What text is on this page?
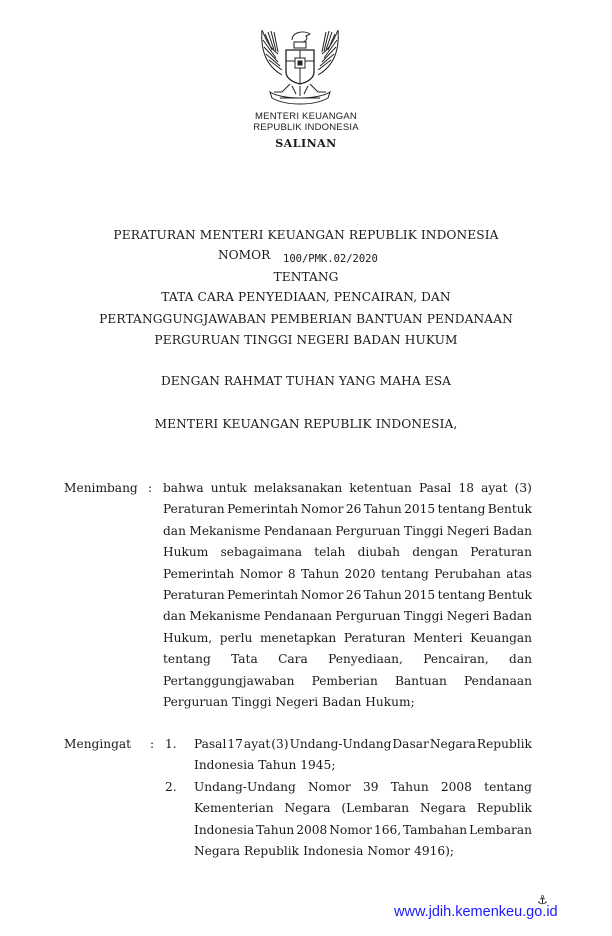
MENTERI KEUANGAN
REPUBLIK INDONESIA
SALINAN
PERATURAN MENTERI KEUANGAN REPUBLIK INDONESIA
NOMOR 100/PMK.02/2020
TENTANG
TATA CARA PENYEDIAAN, PENCAIRAN, DAN
PERTANGGUNGJAWABAN PEMBERIAN BANTUAN PENDANAAN
PERGURUAN TINGGI NEGERI BADAN HUKUM
DENGAN RAHMAT TUHAN YANG MAHA ESA
MENTERI KEUANGAN REPUBLIK INDONESIA,
Menimbang : bahwa untuk melaksanakan ketentuan Pasal 18 ayat (3)
Peraturan Pemerintah Nomor 26 Tahun 2015 tentang Bentuk
dan Mekanisme Pendanaan Perguruan Tinggi Negeri Badan
Hukum sebagaimana telah diubah dengan Peraturan
Pemerintah Nomor 8 Tahun 2020 tentang Perubahan atas
Peraturan Pemerintah Nomor 26 Tahun 2015 tentang Bentuk
dan Mekanisme Pendanaan Perguruan Tinggi Negeri Badan
Hukum, perlu menetapkan Peraturan Menteri Keuangan
tentang Tata Cara Penyediaan, Pencairan, dan
Pertanggungjawaban Pemberian Bantuan Pendanaan
Perguruan Tinggi Negeri Badan Hukum;
Mengingat : 1. Pasal 17 ayat (3) Undang-Undang Dasar Negara Republik
Indonesia Tahun 1945;
2. Undang-Undang Nomor 39 Tahun 2008 tentang
Kementerian Negara (Lembaran Negara Republik
Indonesia Tahun 2008 Nomor 166, Tambahan Lembaran
Negara Republik Indonesia Nomor 4916);
⚓︎
www.jdih.kemenkeu.go.id
